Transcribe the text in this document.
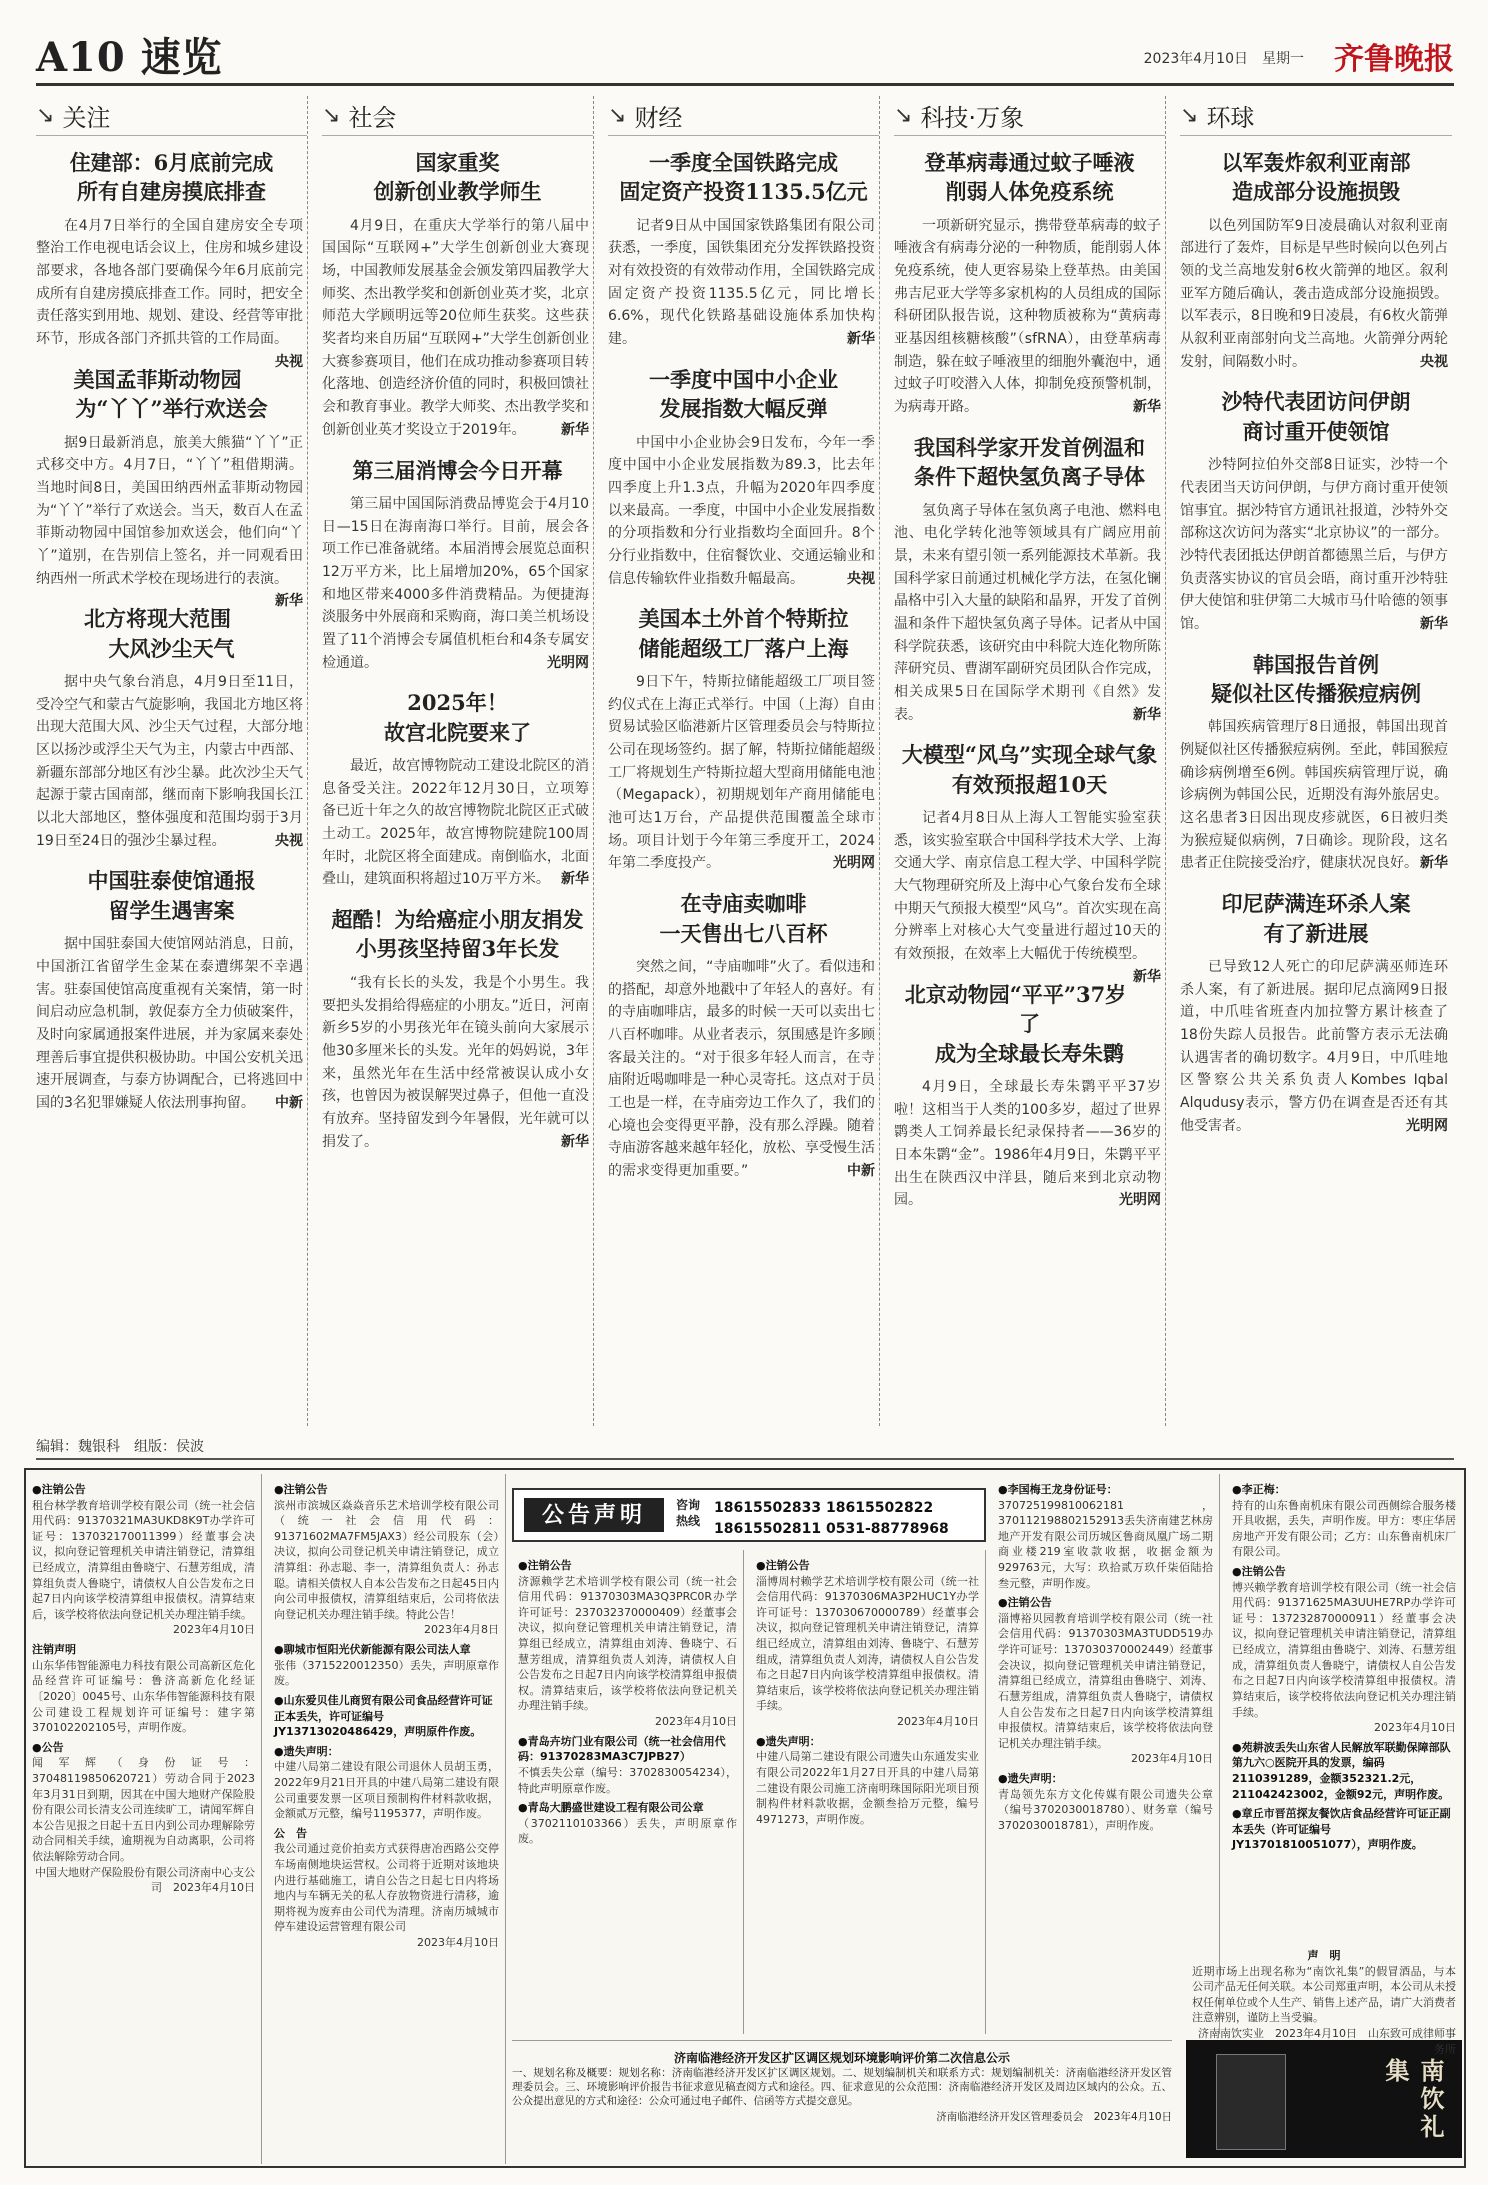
A10 速览	2023年4月10日　星期一 齐鲁晚报
↘ 关注
住建部：6月底前完成
所有自建房摸底排查
在4月7日举行的全国自建房安全专项整治工作电视电话会议上，住房和城乡建设部要求，各地各部门要确保今年6月底前完成所有自建房摸底排查工作。同时，把安全责任落实到用地、规划、建设、经营等审批环节，形成各部门齐抓共管的工作局面。
央视
美国孟菲斯动物园
为“丫丫”举行欢送会
据9日最新消息，旅美大熊猫“丫丫”正式移交中方。4月7日，“丫丫”租借期满。当地时间8日，美国田纳西州孟菲斯动物园为“丫丫”举行了欢送会。当天，数百人在孟菲斯动物园中国馆参加欢送会，他们向“丫丫”道别，在告别信上签名，并一同观看田纳西州一所武术学校在现场进行的表演。
新华
北方将现大范围
大风沙尘天气
据中央气象台消息，4月9日至11日，受冷空气和蒙古气旋影响，我国北方地区将出现大范围大风、沙尘天气过程，大部分地区以扬沙或浮尘天气为主，内蒙古中西部、新疆东部部分地区有沙尘暴。此次沙尘天气起源于蒙古国南部，继而南下影响我国长江以北大部地区，整体强度和范围均弱于3月19日至24日的强沙尘暴过程。	央视
中国驻泰使馆通报
留学生遇害案
据中国驻泰国大使馆网站消息，日前，中国浙江省留学生金某在泰遭绑架不幸遇害。驻泰国使馆高度重视有关案情，第一时间启动应急机制，敦促泰方全力侦破案件，及时向家属通报案件进展，并为家属来泰处理善后事宜提供积极协助。中国公安机关迅速开展调查，与泰方协调配合，已将逃回中国的3名犯罪嫌疑人依法刑事拘留。 中新
↘ 社会
国家重奖
创新创业教学师生
4月9日，在重庆大学举行的第八届中国国际“互联网+”大学生创新创业大赛现场，中国教师发展基金会颁发第四届教学大师奖、杰出教学奖和创新创业英才奖，北京师范大学顾明远等20位师生获奖。这些获奖者均来自历届“互联网+”大学生创新创业大赛参赛项目，他们在成功推动参赛项目转化落地、创造经济价值的同时，积极回馈社会和教育事业。教学大师奖、杰出教学奖和创新创业英才奖设立于2019年。	新华
第三届消博会今日开幕
第三届中国国际消费品博览会于4月10日—15日在海南海口举行。目前，展会各项工作已准备就绪。本届消博会展览总面积12万平方米，比上届增加20%，65个国家和地区带来4000多件消费精品。为便捷海淡服务中外展商和采购商，海口美兰机场设置了11个消博会专属值机柜台和4条专属安检通道。	光明网
2025年！
故宫北院要来了
最近，故宫博物院动工建设北院区的消息备受关注。2022年12月30日，立项筹备已近十年之久的故宫博物院北院区正式破土动工。2025年，故宫博物院建院100周年时，北院区将全面建成。南倒临水，北面叠山，建筑面积将超过10万平方米。 新华
超酷！为给癌症小朋友捐发
小男孩坚持留3年长发
“我有长长的头发，我是个小男生。我要把头发捐给得癌症的小朋友。”近日，河南新乡5岁的小男孩光年在镜头前向大家展示他30多厘米长的头发。光年的妈妈说，3年来，虽然光年在生活中经常被误认成小女孩，也曾因为被误解哭过鼻子，但他一直没有放弃。坚持留发到今年暑假，光年就可以捐发了。	新华
↘ 财经
一季度全国铁路完成
固定资产投资1135.5亿元
记者9日从中国国家铁路集团有限公司获悉，一季度，国铁集团充分发挥铁路投资对有效投资的有效带动作用，全国铁路完成固定资产投资1135.5亿元，同比增长6.6%，现代化铁路基础设施体系加快构建。	新华
一季度中国中小企业
发展指数大幅反弹
中国中小企业协会9日发布，今年一季度中国中小企业发展指数为89.3，比去年四季度上升1.3点，升幅为2020年四季度以来最高。一季度，中国中小企业发展指数的分项指数和分行业指数均全面回升。8个分行业指数中，住宿餐饮业、交通运输业和信息传输软件业指数升幅最高。	央视
美国本土外首个特斯拉
储能超级工厂落户上海
9日下午，特斯拉储能超级工厂项目签约仪式在上海正式举行。中国（上海）自由贸易试验区临港新片区管理委员会与特斯拉公司在现场签约。据了解，特斯拉储能超级工厂将规划生产特斯拉超大型商用储能电池（Megapack），初期规划年产商用储能电池可达1万台，产品提供范围覆盖全球市场。项目计划于今年第三季度开工，2024年第二季度投产。	光明网
在寺庙卖咖啡
一天售出七八百杯
突然之间，“寺庙咖啡”火了。看似违和的搭配，却意外地戳中了年轻人的喜好。有的寺庙咖啡店，最多的时候一天可以卖出七八百杯咖啡。从业者表示，氛围感是许多顾客最关注的。“对于很多年轻人而言，在寺庙附近喝咖啡是一种心灵寄托。这点对于员工也是一样，在寺庙旁边工作久了，我们的心境也会变得更平静，没有那么浮躁。随着寺庙游客越来越年轻化，放松、享受慢生活的需求变得更加重要。”	中新
↘ 科技·万象
登革病毒通过蚊子唾液
削弱人体免疫系统
一项新研究显示，携带登革病毒的蚊子唾液含有病毒分泌的一种物质，能削弱人体免疫系统，使人更容易染上登革热。由美国弗吉尼亚大学等多家机构的人员组成的国际科研团队报告说，这种物质被称为“黄病毒亚基因组核糖核酸”（sfRNA），由登革病毒制造，躲在蚊子唾液里的细胞外囊泡中，通过蚊子叮咬潜入人体，抑制免疫预警机制，为病毒开路。	新华
我国科学家开发首例温和
条件下超快氢负离子导体
氢负离子导体在氢负离子电池、燃料电池、电化学转化池等领域具有广阔应用前景，未来有望引领一系列能源技术革新。我国科学家日前通过机械化学方法，在氢化镧晶格中引入大量的缺陷和晶界，开发了首例温和条件下超快氢负离子导体。记者从中国科学院获悉，该研究由中科院大连化物所陈萍研究员、曹湖军副研究员团队合作完成，相关成果5日在国际学术期刊《自然》发表。	新华
大模型“风乌”实现全球气象
有效预报超10天
记者4月8日从上海人工智能实验室获悉，该实验室联合中国科学技术大学、上海交通大学、南京信息工程大学、中国科学院大气物理研究所及上海中心气象台发布全球中期天气预报大模型“风乌”。首次实现在高分辨率上对核心大气变量进行超过10天的有效预报，在效率上大幅优于传统模型。
新华
北京动物园“平平”37岁了
成为全球最长寿朱鹮
4月9日，全球最长寿朱鹮平平37岁啦！这相当于人类的100多岁，超过了世界鹮类人工饲养最长纪录保持者——36岁的日本朱鹮“金”。1986年4月9日，朱鹮平平出生在陕西汉中洋县，随后来到北京动物园。	光明网
↘ 环球
以军轰炸叙利亚南部
造成部分设施损毁
以色列国防军9日凌晨确认对叙利亚南部进行了轰炸，目标是早些时候向以色列占领的戈兰高地发射6枚火箭弹的地区。叙利亚军方随后确认，袭击造成部分设施损毁。以军表示，8日晚和9日凌晨，有6枚火箭弹从叙利亚南部射向戈兰高地。火箭弹分两轮发射，间隔数小时。	央视
沙特代表团访问伊朗
商讨重开使领馆
沙特阿拉伯外交部8日证实，沙特一个代表团当天访问伊朗，与伊方商讨重开使领馆事宜。据沙特官方通讯社报道，沙特外交部称这次访问为落实“北京协议”的一部分。沙特代表团抵达伊朗首都德黑兰后，与伊方负责落实协议的官员会晤，商讨重开沙特驻伊大使馆和驻伊第二大城市马什哈德的领事馆。	新华
韩国报告首例
疑似社区传播猴痘病例
韩国疾病管理厅8日通报，韩国出现首例疑似社区传播猴痘病例。至此，韩国猴痘确诊病例增至6例。韩国疾病管理厅说，确诊病例为韩国公民，近期没有海外旅居史。这名患者3日因出现皮疹就医，6日被归类为猴痘疑似病例，7日确诊。现阶段，这名患者正住院接受治疗，健康状况良好。 新华
印尼萨满连环杀人案
有了新进展
已导致12人死亡的印尼萨满巫师连环杀人案，有了新进展。据印尼点滴网9日报道，中爪哇省班查内加拉警方累计核查了18份失踪人员报告。此前警方表示无法确认遇害者的确切数字。4月9日，中爪哇地区警察公共关系负责人Kombes Iqbal Alqudusy表示，警方仍在调查是否还有其他受害者。	光明网
编辑：魏银科　组版：侯波
公告声明	咨询热线
18615502833 18615502822
18615502811 0531-88778968
济南临港经济开发区扩区调区规划环境影响评价第二次信息公示
一、规划名称及概要：规划名称：济南临港经济开发区扩区调区规划。二、规划编制机关和联系方式：规划编制机关：济南临港经济开发区管理委员会。三、环境影响评价报告书征求意见稿查阅方式和途径。四、征求意见的公众范围：济南临港经济开发区及周边区域内的公众。五、公众提出意见的方式和途径：公众可通过电子邮件、信函等方式提交意见。
济南临港经济开发区管理委员会　2023年4月10日	南饮礼集
●注销公告
租台林学教育培训学校有限公司（统一社会信用代码：91370321MA3UKD8K9T办学许可证号：137032170011399）经董事会决议，拟向登记管理机关申请注销登记，清算组已经成立，清算组由鲁晓宁、石慧芳组成，清算组负责人鲁晓宁，请债权人自公告发布之日起7日内向该学校清算组申报债权。清算结束后，该学校将依法向登记机关办理注销手续。
2023年4月10日
注销声明
山东华伟智能源电力科技有限公司高新区危化品经营许可证编号：鲁济高新危化经证〔2020〕0045号、山东华伟智能源科技有限公司建设工程规划许可证编号：建字第370102202105号，声明作废。
●公告
闻军辉（身份证号：37048119850620721）劳动合同于2023年3月31日到期，因其在中国大地财产保险股份有限公司长清支公司连续旷工，请闻军辉自本公告见报之日起十五日内到公司办理解除劳动合同相关手续，逾期视为自动离职，公司将依法解除劳动合同。
中国大地财产保险股份有限公司济南中心支公司　2023年4月10日
●注销公告
滨州市滨城区焱焱音乐艺术培训学校有限公司（统一社会信用代码：91371602MA7FM5JAX3）经公司股东（会）决议，拟向公司登记机关申请注销登记，成立清算组：孙志聪、李一，清算组负责人：孙志聪。请相关债权人自本公告发布之日起45日内向公司申报债权，清算组结束后，公司将依法向登记机关办理注销手续。特此公告！
2023年4月8日
●聊城市恒阳光伏新能源有限公司法人章
张伟（3715220012350）丢失，声明原章作废。
●山东爱贝佳儿商贸有限公司食品经营许可证正本丢失，许可证编号JY13713020486429，声明原件作废。
●遗失声明：
中建八局第二建设有限公司退休人员胡玉勇，2022年9月21日开具的中建八局第二建设有限公司重要发票一区项目预制构件材料款收据，金额贰万元整，编号1195377，声明作废。
公　告
我公司通过竞价拍卖方式获得唐冶西路公交停车场南侧地块运营权。公司将于近期对该地块内进行基础施工，请自公告之日起七日内将场地内与车辆无关的私人存放物资进行清移，逾期将视为废弃由公司代为清理。济南历城城市停车建设运营管理有限公司
2023年4月10日
●注销公告
济源赖学艺术培训学校有限公司（统一社会信用代码：91370303MA3Q3PRC0R办学许可证号：237032370000409）经董事会决议，拟向登记管理机关申请注销登记，清算组已经成立，清算组由刘涛、鲁晓宁、石慧芳组成，清算组负责人刘涛，请债权人自公告发布之日起7日内向该学校清算组申报债权。清算结束后，该学校将依法向登记机关办理注销手续。
2023年4月10日
●青岛卉坊门业有限公司（统一社会信用代码：91370283MA3C7JPB27）
不慎丢失公章（编号：3702830054234），特此声明原章作废。
●青岛大鹏盛世建设工程有限公司公章
（3702110103366）丢失，声明原章作废。
●注销公告
淄博周村赖学艺术培训学校有限公司（统一社会信用代码：91370306MA3P2HUC1Y办学许可证号：137030670000789）经董事会决议，拟向登记管理机关申请注销登记，清算组已经成立，清算组由刘涛、鲁晓宁、石慧芳组成，清算组负责人刘涛，请债权人自公告发布之日起7日内向该学校清算组申报债权。清算结束后，该学校将依法向登记机关办理注销手续。
2023年4月10日
●遗失声明：
中建八局第二建设有限公司遗失山东通发实业有限公司2022年1月27日开具的中建八局第二建设有限公司施工济南明珠国际阳光项目预制构件材料款收据，金额叁拾万元整，编号4971273，声明作废。
●李国梅王龙身份证号：
370725199810062181，370112198802152913丢失济南建艺林房地产开发有限公司历城区鲁商凤凰广场二期商业楼219室收款收据，收据金额为929763元，大写：玖拾贰万玖仟柒佰陆拾叁元整，声明作废。
●注销公告
淄博裕贝园教育培训学校有限公司（统一社会信用代码：91370303MA3TUDD519办学许可证号：137030370002449）经董事会决议，拟向登记管理机关申请注销登记，清算组已经成立，清算组由鲁晓宁、刘涛、石慧芳组成，清算组负责人鲁晓宁，请债权人自公告发布之日起7日内向该学校清算组申报债权。清算结束后，该学校将依法向登记机关办理注销手续。
2023年4月10日
●遗失声明：
青岛领先东方文化传媒有限公司遗失公章（编号3702030018780）、财务章（编号3702030018781），声明作废。
●李正梅：
持有的山东鲁南机床有限公司西侧综合服务楼开具收据，丢失，声明作废。甲方：枣庄华居房地产开发有限公司；乙方：山东鲁南机床厂有限公司。
●注销公告
博兴赖学教育培训学校有限公司（统一社会信用代码：91371625MA3UUHE7RP办学许可证号：137232870000911）经董事会决议，拟向登记管理机关申请注销登记，清算组已经成立，清算组由鲁晓宁、刘涛、石慧芳组成，清算组负责人鲁晓宁，请债权人自公告发布之日起7日内向该学校清算组申报债权。清算结束后，该学校将依法向登记机关办理注销手续。
2023年4月10日
●苑耕波丢失山东省人民解放军联勤保障部队第九六○医院开具的发票，编码2110391289，金额352321.2元，211042423002，金额92元，声明作废。
●章丘市晋茁探友餐饮店食品经营许可证正副本丢失（许可证编号JY13701810051077），声明作废。
声　明
近期市场上出现名称为“南饮礼集”的假冒酒品，与本公司产品无任何关联。本公司郑重声明，本公司从未授权任何单位或个人生产、销售上述产品，请广大消费者注意辨别，谨防上当受骗。
济南南饮实业　2023年4月10日　山东致可成律师事务所
